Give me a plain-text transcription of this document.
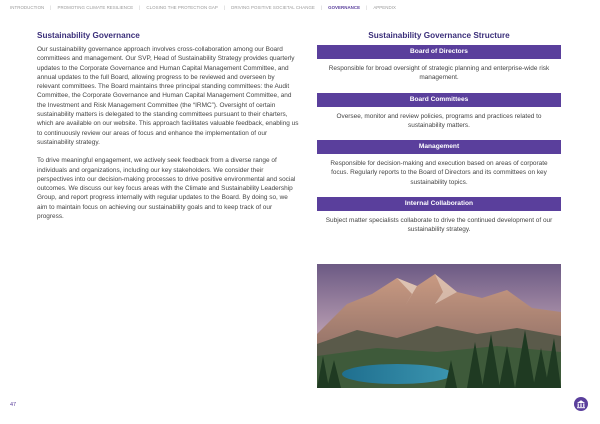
INTRODUCTION | PROMOTING CLIMATE RESILIENCE | CLOSING THE PROTECTION GAP | DRIVING POSITIVE SOCIETAL CHANGE | GOVERNANCE | APPENDIX
Sustainability Governance

Our sustainability governance approach involves cross-collaboration among our Board committees and management. Our SVP, Head of Sustainability Strategy provides quarterly updates to the Corporate Governance and Human Capital Management Committee, and annual updates to the full Board, allowing progress to be reviewed and overseen by relevant committees. The Board maintains three principal standing committees: the Audit Committee, the Corporate Governance and Human Capital Management Committee, and the Investment and Risk Management Committee (the “IRMC”). Oversight of certain sustainability matters is delegated to the standing committees pursuant to their charters, which are available on our website. This approach facilitates valuable feedback, enabling us to continuously review our areas of focus and enhance the implementation of our sustainability strategy.

To drive meaningful engagement, we actively seek feedback from a diverse range of individuals and organizations, including our key stakeholders. We consider their perspectives into our decision-making processes to drive positive environmental and social outcomes. We discuss our key focus areas with the Climate and Sustainability Leadership Group, and report progress internally with regular updates to the Board. By doing so, we aim to maintain focus on achieving our sustainability goals and to keep track of our progress.

Sustainability Governance Structure
Board of Directors
Responsible for broad oversight of strategic planning and enterprise-wide risk management.
Board Committees
Oversee, monitor and review policies, programs and practices related to sustainability matters.
Management
Responsible for decision-making and execution based on areas of corporate focus. Regularly reports to the Board of Directors and its committees on key sustainability topics.
Internal Collaboration
Subject matter specialists collaborate to drive the continued development of our sustainability strategy.
47
